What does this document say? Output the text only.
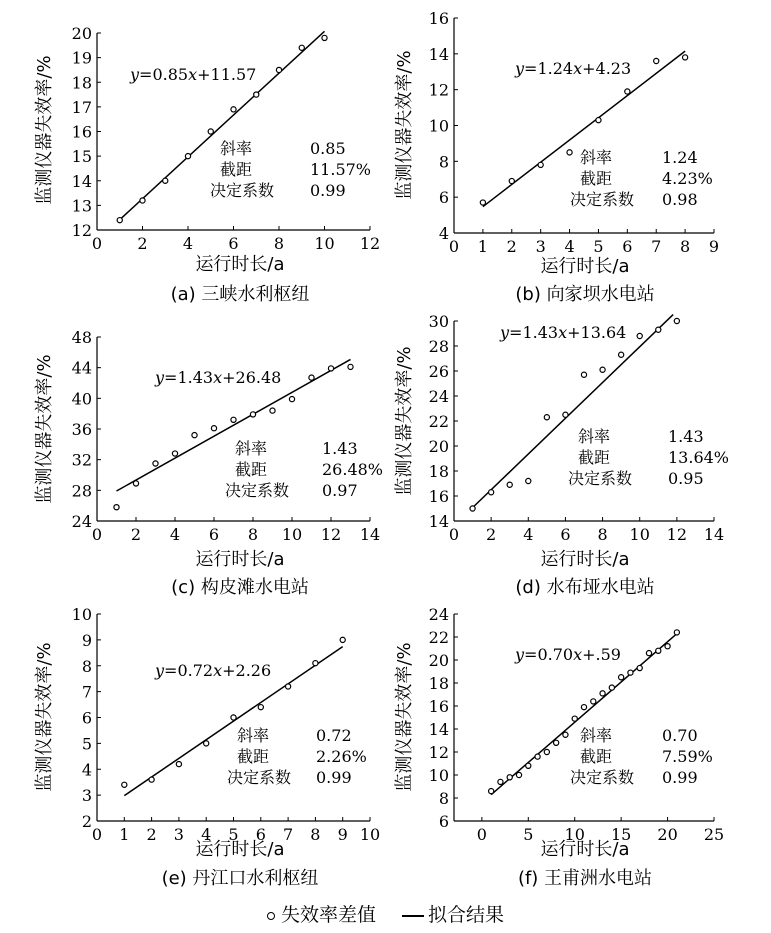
0 2 4 6 8 10 12
12
13
14
15
16
17
18
19
20
y=0.85x+11.57
斜率	0.85
截距	11.57%
决定系数 0.99
运行时长/a
监测仪器失效率/%
(a) 三峡水利枢纽
0 1 2 3 4 5 6 7 8 9
4
6
8
10
12
14
16
y=1.24x+4.23
斜率	1.24
截距	4.23%
决定系数 0.98
运行时长/a
监测仪器失效率/%
(b) 向家坝水电站
0 2 4 6 8 10 12 14
24
28
32
36
40
44
48
y=1.43x+26.48
斜率	1.43
截距	26.48%
决定系数 0.97
运行时长/a
监测仪器失效率/%
(c) 构皮滩水电站
0 2 4 6 8 10 12 14
14
16
18
20
22
24
26
28
30
y=1.43x+13.64
斜率	1.43
截距	13.64%
决定系数 0.95
运行时长/a
监测仪器失效率/%
(d) 水布垭水电站
0 1 2 3 4 5 6 7 8 9 10
2
3
4
5
6
7
8
9
10
y=0.72x+2.26
斜率	0.72
截距	2.26%
决定系数 0.99
运行时长/a
监测仪器失效率/%
(e) 丹江口水利枢纽
0 5 10 15 20 25
6
8
10
12
14
16
18
20
22
24
y=0.70x+.59
斜率	0.70
截距	7.59%
决定系数 0.99
运行时长/a
监测仪器失效率/%
(f) 王甫洲水电站
失效率差值	拟合结果
